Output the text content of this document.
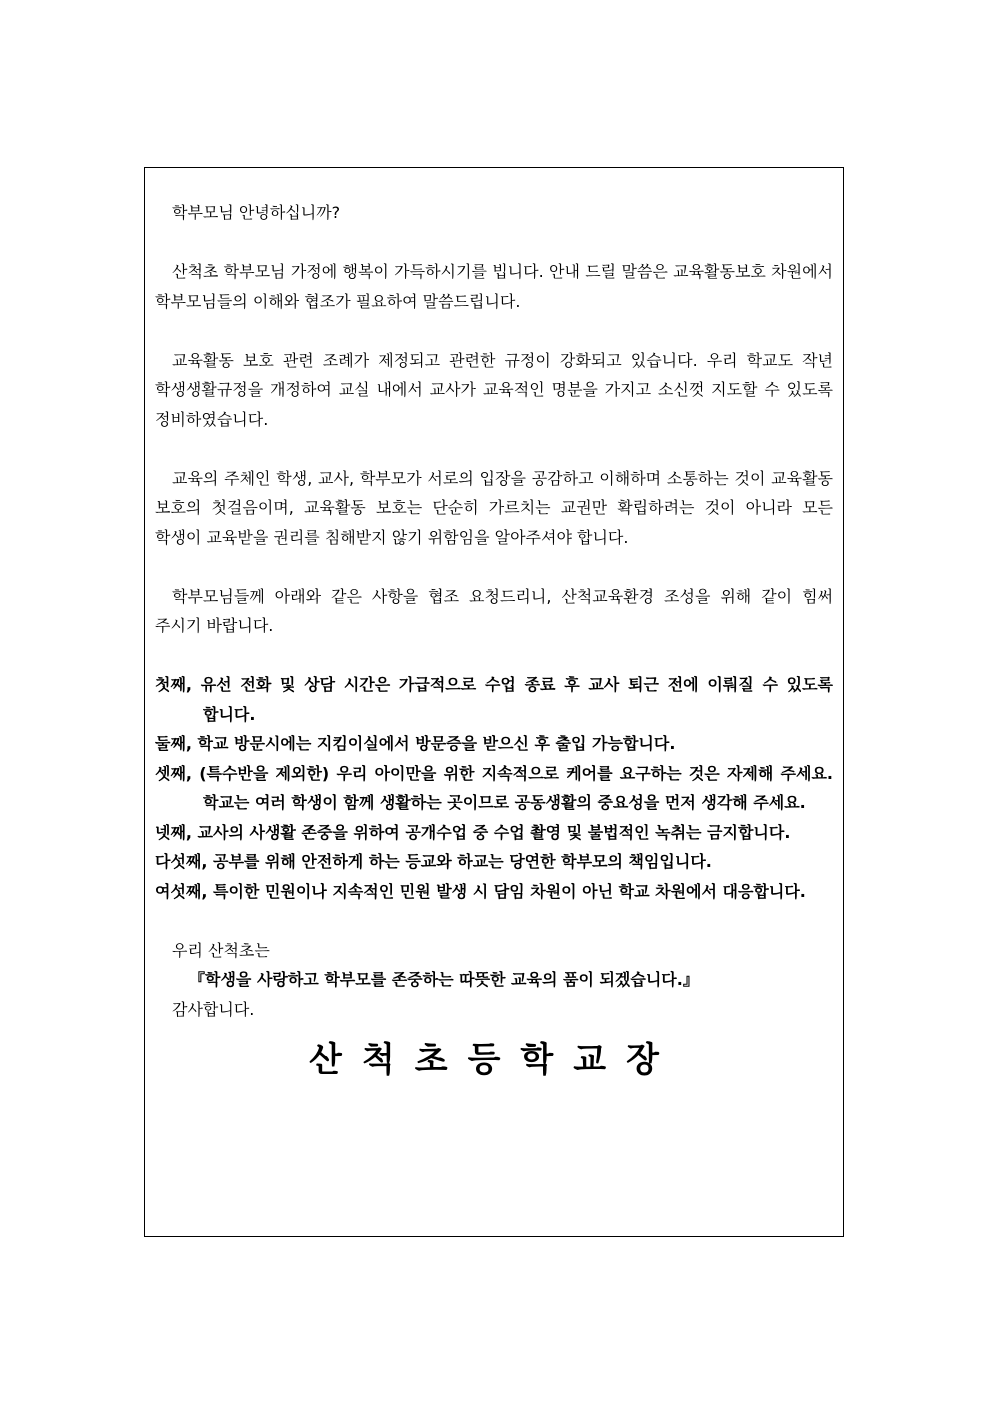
학부모님 안녕하십니까?

산척초 학부모님 가정에 행복이 가득하시기를 빕니다. 안내 드릴 말씀은 교육활동보호 차원에서 학부모님들의 이해와 협조가 필요하여 말씀드립니다.

교육활동 보호 관련 조례가 제정되고 관련한 규정이 강화되고 있습니다. 우리 학교도 작년 학생생활규정을 개정하여 교실 내에서 교사가 교육적인 명분을 가지고 소신껏 지도할 수 있도록 정비하였습니다.

교육의 주체인 학생, 교사, 학부모가 서로의 입장을 공감하고 이해하며 소통하는 것이 교육활동 보호의 첫걸음이며, 교육활동 보호는 단순히 가르치는 교권만 확립하려는 것이 아니라 모든 학생이 교육받을 권리를 침해받지 않기 위함임을 알아주셔야 합니다.

학부모님들께 아래와 같은 사항을 협조 요청드리니, 산척교육환경 조성을 위해 같이 힘써 주시기 바랍니다.

첫째, 유선 전화 및 상담 시간은 가급적으로 수업 종료 후 교사 퇴근 전에 이뤄질 수 있도록 합니다.
둘째, 학교 방문시에는 지킴이실에서 방문증을 받으신 후 출입 가능합니다.
셋째, (특수반을 제외한) 우리 아이만을 위한 지속적으로 케어를 요구하는 것은 자제해 주세요. 학교는 여러 학생이 함께 생활하는 곳이므로 공동생활의 중요성을 먼저 생각해 주세요.
넷째, 교사의 사생활 존중을 위하여 공개수업 중 수업 촬영 및 불법적인 녹취는 금지합니다.
다섯째, 공부를 위해 안전하게 하는 등교와 하교는 당연한 학부모의 책임입니다.
여섯째, 특이한 민원이나 지속적인 민원 발생 시 담임 차원이 아닌 학교 차원에서 대응합니다.

우리 산척초는

『학생을 사랑하고 학부모를 존중하는 따뜻한 교육의 품이 되겠습니다.』

감사합니다.

산척초등학교장
